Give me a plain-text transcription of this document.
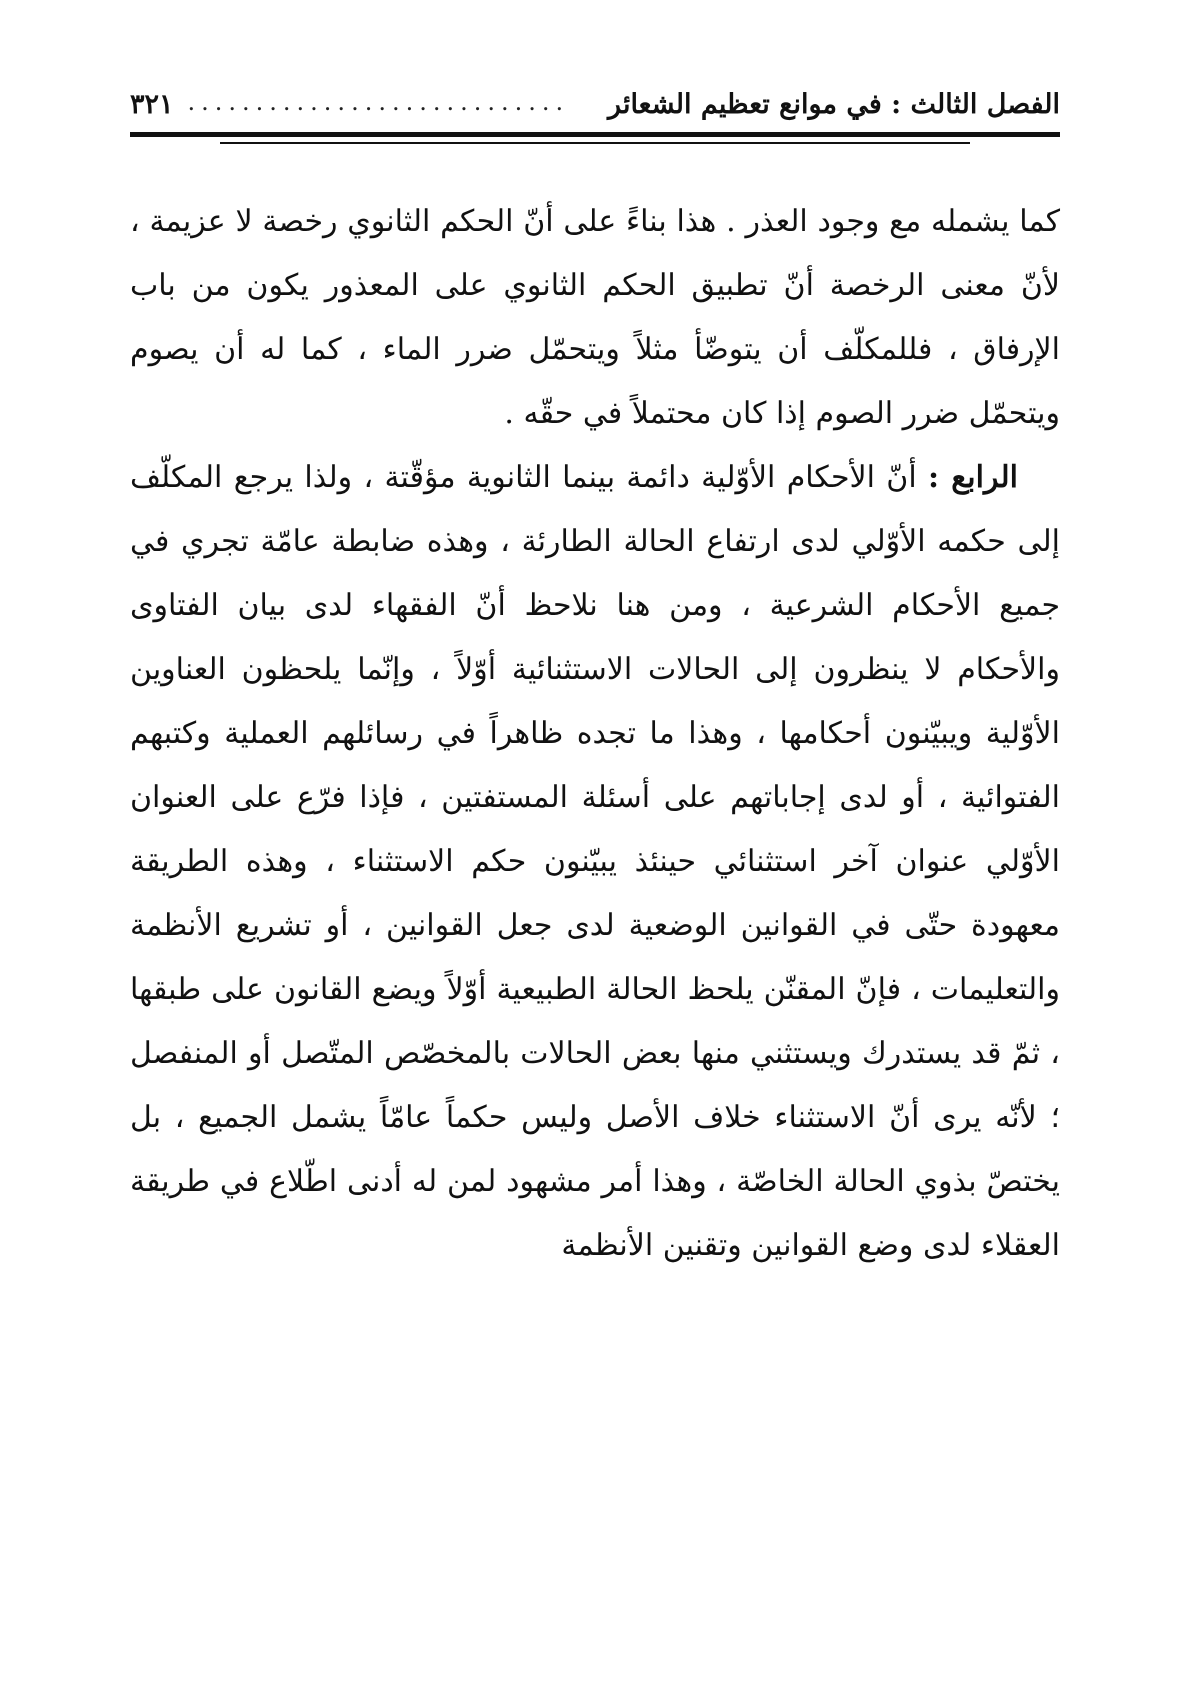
الفصل الثالث : في موانع تعظيم الشعائر
............................
٣٢١

كما يشمله مع وجود العذر . هذا بناءً على أنّ الحكم الثانوي رخصة لا عزيمة ، لأنّ معنى الرخصة أنّ تطبيق الحكم الثانوي على المعذور يكون من باب الإرفاق ، فللمكلّف أن يتوضّأ مثلاً ويتحمّل ضرر الماء ، كما له أن يصوم ويتحمّل ضرر الصوم إذا كان محتملاً في حقّه .

الرابع : أنّ الأحكام الأوّلية دائمة بينما الثانوية مؤقّتة ، ولذا يرجع المكلّف إلى حكمه الأوّلي لدى ارتفاع الحالة الطارئة ، وهذه ضابطة عامّة تجري في جميع الأحكام الشرعية ، ومن هنا نلاحظ أنّ الفقهاء لدى بيان الفتاوى والأحكام لا ينظرون إلى الحالات الاستثنائية أوّلاً ، وإنّما يلحظون العناوين الأوّلية ويبيّنون أحكامها ، وهذا ما تجده ظاهراً في رسائلهم العملية وكتبهم الفتوائية ، أو لدى إجاباتهم على أسئلة المستفتين ، فإذا فرّع على العنوان الأوّلي عنوان آخر استثنائي حينئذ يبيّنون حكم الاستثناء ، وهذه الطريقة معهودة حتّى في القوانين الوضعية لدى جعل القوانين ، أو تشريع الأنظمة والتعليمات ، فإنّ المقنّن يلحظ الحالة الطبيعية أوّلاً ويضع القانون على طبقها ، ثمّ قد يستدرك ويستثني منها بعض الحالات بالمخصّص المتّصل أو المنفصل ؛ لأنّه يرى أنّ الاستثناء خلاف الأصل وليس حكماً عامّاً يشمل الجميع ، بل يختصّ بذوي الحالة الخاصّة ، وهذا أمر مشهود لمن له أدنى اطّلاع في طريقة العقلاء لدى وضع القوانين وتقنين الأنظمة
